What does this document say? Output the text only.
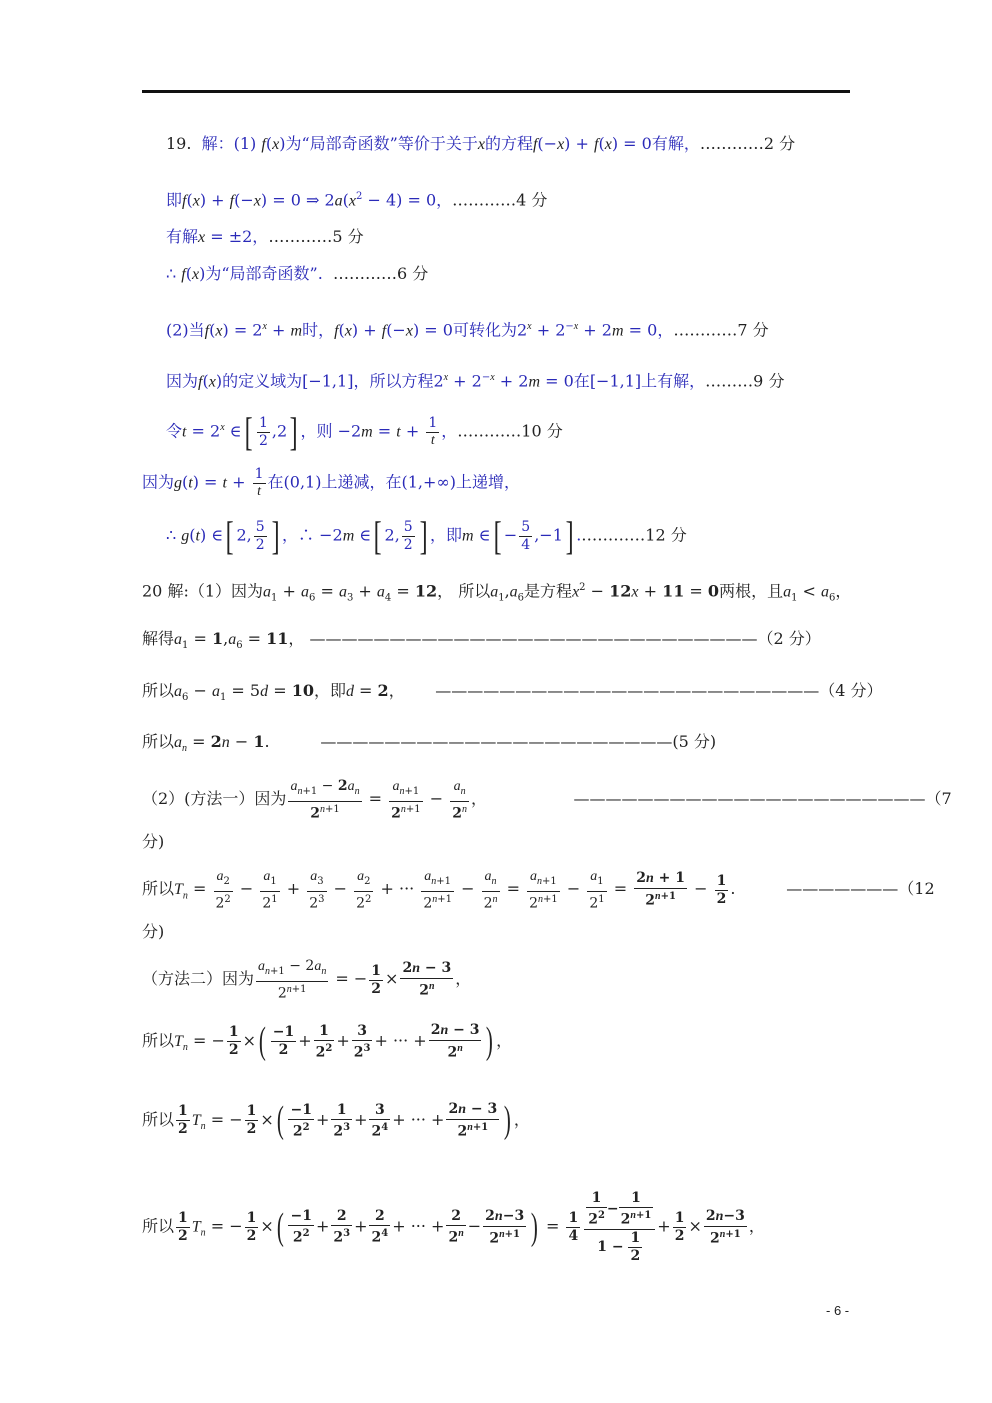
19. 解：(1) f(x)为“局部奇函数”等价于关于x的方程f(−x) + f(x) = 0有解，…………2 分
即f(x) + f(−x) = 0 ⇒ $2a(x^2 - 4) = 0$，…………4 分
有解x = ±2，…………5 分
∴ f(x)为“局部奇函数”. …………6 分
(2)当$f(x) = 2^x + m$时，f(x) + f(−x) = 0可转化为$2^x + 2^{-x} + 2m = 0$，…………7 分
因为f(x)的定义域为[−1,1]，所以方程$2^x + 2^{-x} + 2m = 0$在[−1,1]上有解，………9 分
令$t = 2^x$ ∈[ $\frac{1}{2} ,2$] ，则 $-2m = t + \frac{1}{t}$ ，…………10 分
因为$g(t) = t + \frac{1}{t}$ 在(0,1)上递减，在(1,+∞)上递增，
∴ g(t) ∈[ 2, $\frac{5}{2}$ ] ，∴ −2m ∈[ 2, $\frac{5}{2}$ ] ，即m ∈[ − $\frac{5}{4} ,-1$] .…………12 分
20 解:（1）因为$a_1 + a_6 = a_3 + a_4 = 12$， 所以$a_1,a_6$是方程$x^2 - 12x + 11 = 0$两根，且$a_1 < a_6$，
解得$a_1 = 1,a_6 = 11$， ————————————————————————————（2 分）
所以$a_6 - a_1 = 5d = 10$，即d = 2， ————————————————————————（4 分）
所以$a_n = 2n - 1$.	——————————————————————(5 分)
（2）(方法一）因为 $\frac{a_{n+1} - 2a_n}{2^{n+1}} = \frac{a_{n+1}}{2^{n+1}} - \frac{a_n}{2^n}$ ，	——————————————————————（7
分)
所以$T_n = \frac{a_2}{2^2} - \frac{a_1}{2^1} + \frac{a_3}{2^3} - \frac{a_2}{2^2}$ + ··· $\frac{a_{n+1}}{2^{n+1}} - \frac{a_n}{2^n} = \frac{a_{n+1}}{2^{n+1}} - \frac{a_1}{2^1} = \frac{2n + 1}{2^{n+1}} - \frac{1}{2}$ .	———————（12
分)
（方法二）因为 $\frac{a_{n+1} - 2a_n}{2^{n+1}}$ = − $\frac{1}{2} \times \frac{2n - 3}{2^n}$ ，
所以$T_n$ = − $\frac{1}{2}$ ×( $\frac{-1}{2} + \frac{1}{2^2} + \frac{3}{2^3}$ + ··· + $\frac{2n - 3}{2^n}$ ) ，
所以 $\frac{1}{2} T_n$ = − $\frac{1}{2}$ ×( $\frac{-1}{2^2} + \frac{1}{2^3} + \frac{3}{2^4}$ + ··· + $\frac{2n - 3}{2^{n+1}}$ ) ，
所以 $\frac{1}{2} T_n$ = − $\frac{1}{2}$ ×( $\frac{-1}{2^2} + \frac{2}{2^3} + \frac{2}{2^4}$ + ··· + $\frac{2}{2^n} - \frac{2n-3}{2^{n+1}}$ ) = $\frac{1}{4} \frac{\frac{1}{2^2} - \frac{1}{2^{n+1}}}{1 - \frac{1}{2}} + \frac{1}{2} \times \frac{2n-3}{2^{n+1}}$ ，
- 6 -
